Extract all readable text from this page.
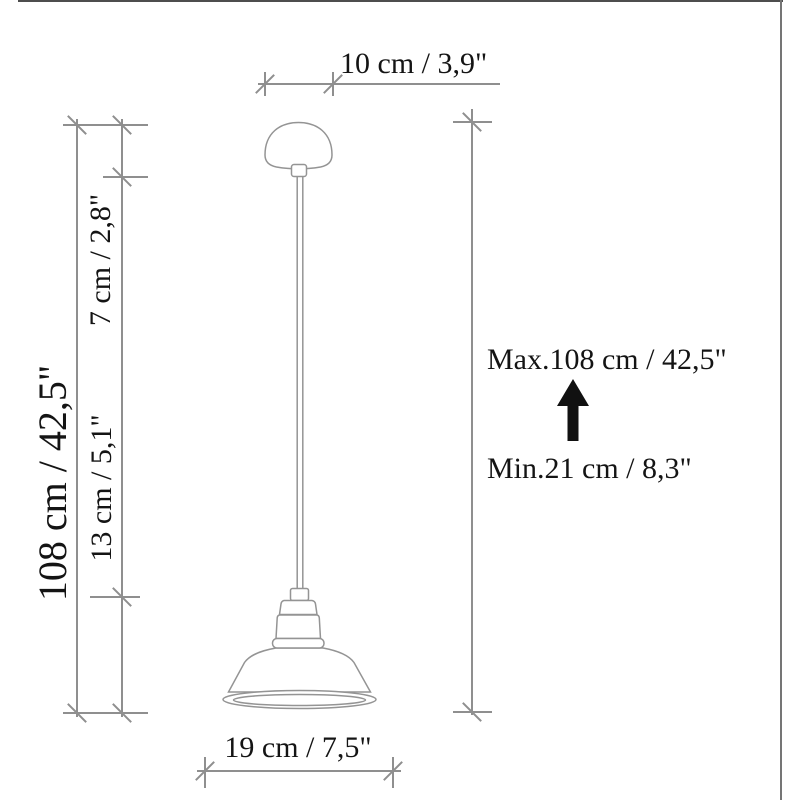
10 cm / 3,9"
108 cm / 42,5"
7 cm / 2,8"
13 cm / 5,1"
Max.108 cm / 42,5"
Min.21 cm / 8,3"
19 cm / 7,5"
